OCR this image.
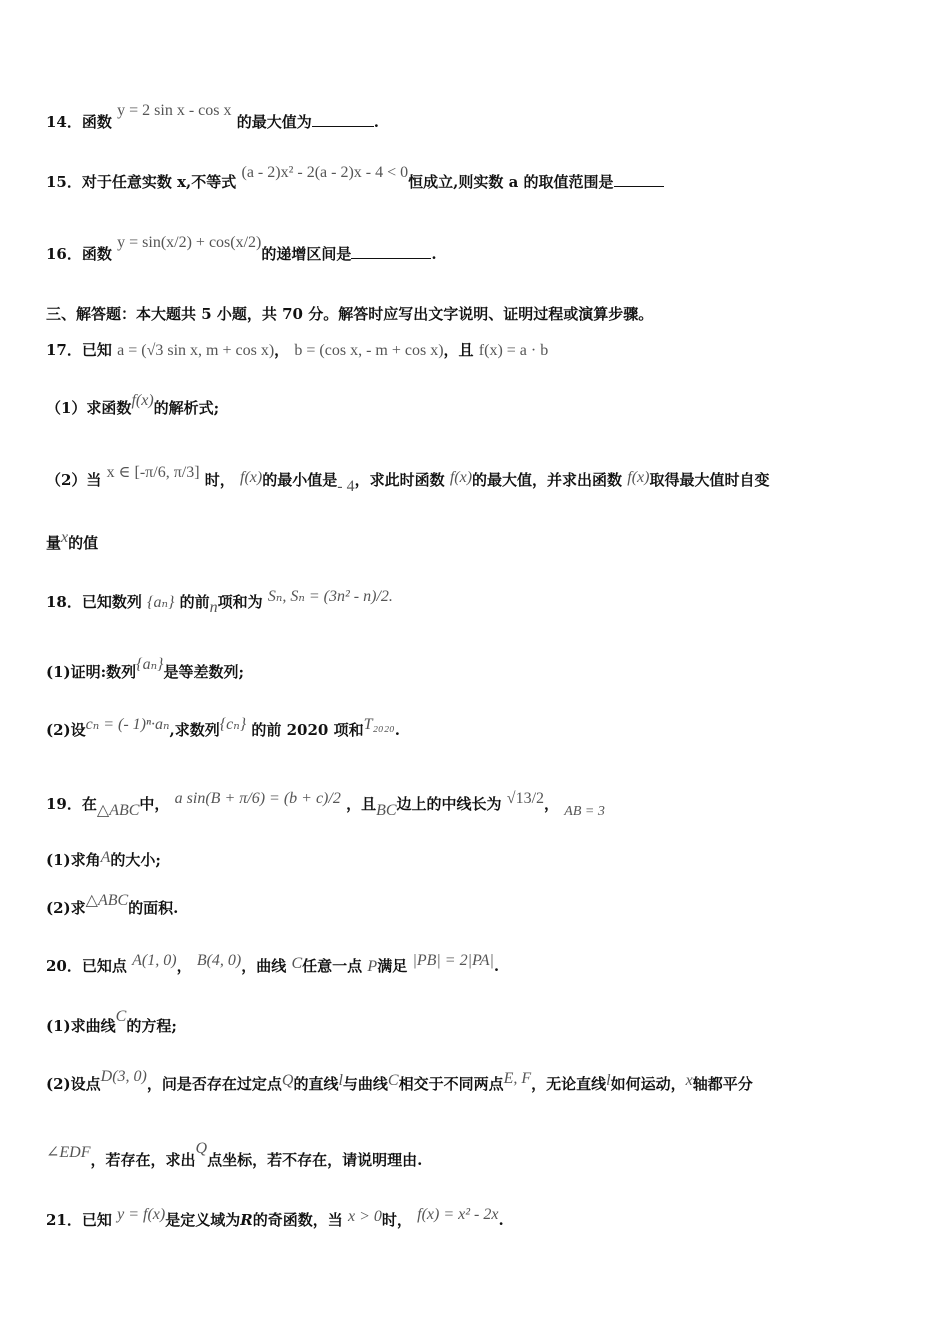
14．函数 y = 2 sin x - cos x 的最大值为	.
15．对于任意实数 x,不等式 (a - 2)x² - 2(a - 2)x - 4 < 0恒成立,则实数 a 的取值范围是
16．函数 y = sin(x/2) + cos(x/2)的递增区间是	.
三、解答题：本大题共 5 小题，共 70 分。解答时应写出文字说明、证明过程或演算步骤。
17．已知 a = (√3 sin x, m + cos x)， b = (cos x, - m + cos x)，且 f(x) = a · b
（1）求函数f(x)的解析式;
（2）当 x ∈ [-π/6, π/3] 时， f(x)的最小值是- 4，求此时函数 f(x)的最大值，并求出函数 f(x)取得最大值时自变
量x的值
18．已知数列 {aₙ} 的前n项和为 Sₙ, Sₙ = (3n² - n)/2.
(1)证明:数列{aₙ}是等差数列;
(2)设cₙ = (- 1)ⁿ·aₙ,求数列{cₙ} 的前 2020 项和T₂₀₂₀.
19．在△ABC中， a sin(B + π/6) = (b + c)/2 ，且BC边上的中线长为 √13/2， AB = 3
(1)求角A的大小;
(2)求△ABC的面积.
20．已知点 A(1, 0)， B(4, 0)，曲线 C任意一点 P满足 |PB| = 2|PA|.
(1)求曲线C的方程;
(2)设点D(3, 0)，问是否存在过定点Q的直线l与曲线C相交于不同两点E, F，无论直线l如何运动，x轴都平分
∠EDF，若存在，求出Q点坐标，若不存在，请说明理由.
21．已知 y = f(x)是定义域为R的奇函数，当 x > 0时， f(x) = x² - 2x.
